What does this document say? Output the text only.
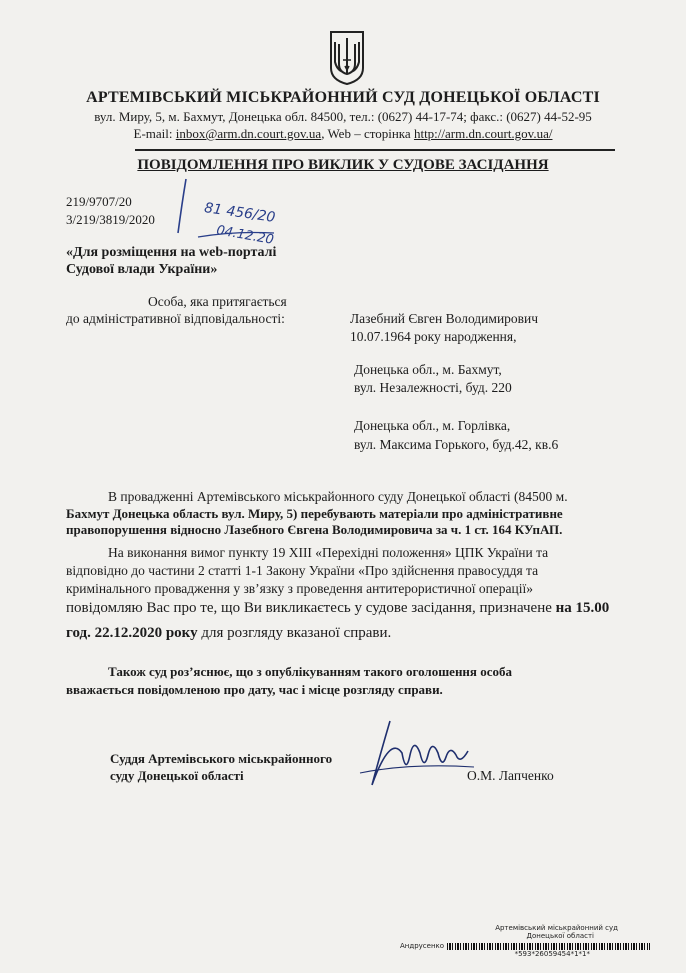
АРТЕМІВСЬКИЙ МІСЬКРАЙОННИЙ СУД ДОНЕЦЬКОЇ ОБЛАСТІ
вул. Миру, 5, м. Бахмут, Донецька обл. 84500, тел.: (0627) 44-17-74; факс.: (0627) 44-52-95
E-mail: inbox@arm.dn.court.gov.ua, Web – сторінка http://arm.dn.court.gov.ua/
ПОВІДОМЛЕННЯ ПРО ВИКЛИК У СУДОВЕ ЗАСІДАННЯ
219/9707/20
3/219/3819/2020	81 456/20
04.12.20
«Для розміщення на web-порталі
Судової влади України»
Особа, яка притягається
до адміністративної відповідальності:	Лазебний Євген Володимирович
10.07.1964 року народження,
Донецька обл., м. Бахмут,
вул. Незалежності, буд. 220
Донецька обл., м. Горлівка,
вул. Максима Горького, буд.42, кв.6
В провадженні Артемівського міськрайонного суду Донецької області (84500 м.
Бахмут Донецька область вул. Миру, 5) перебувають матеріали про адміністративне
правопорушення відносно Лазебного Євгена Володимировича за ч. 1 ст. 164 КУпАП.
На виконання вимог пункту 19 XIII «Перехідні положення» ЦПК України та
відповідно до частини 2 статті 1-1 Закону України «Про здійснення правосуддя та
кримінального провадження у зв’язку з проведення антитерористичної операції»
повідомляю Вас про те, що Ви викликаєтесь у судове засідання, призначене на 15.00
год. 22.12.2020 року для розгляду вказаної справи.
Також суд роз’яснює, що з опублікуванням такого оголошення особа
вважається повідомленою про дату, час і місце розгляду справи.
Суддя Артемівського міськрайонного
суду Донецької області	О.М. Лапченко
Артемівський міськрайонний суд
Донецької області
Андрусенко
*593*26059454*1*1*
